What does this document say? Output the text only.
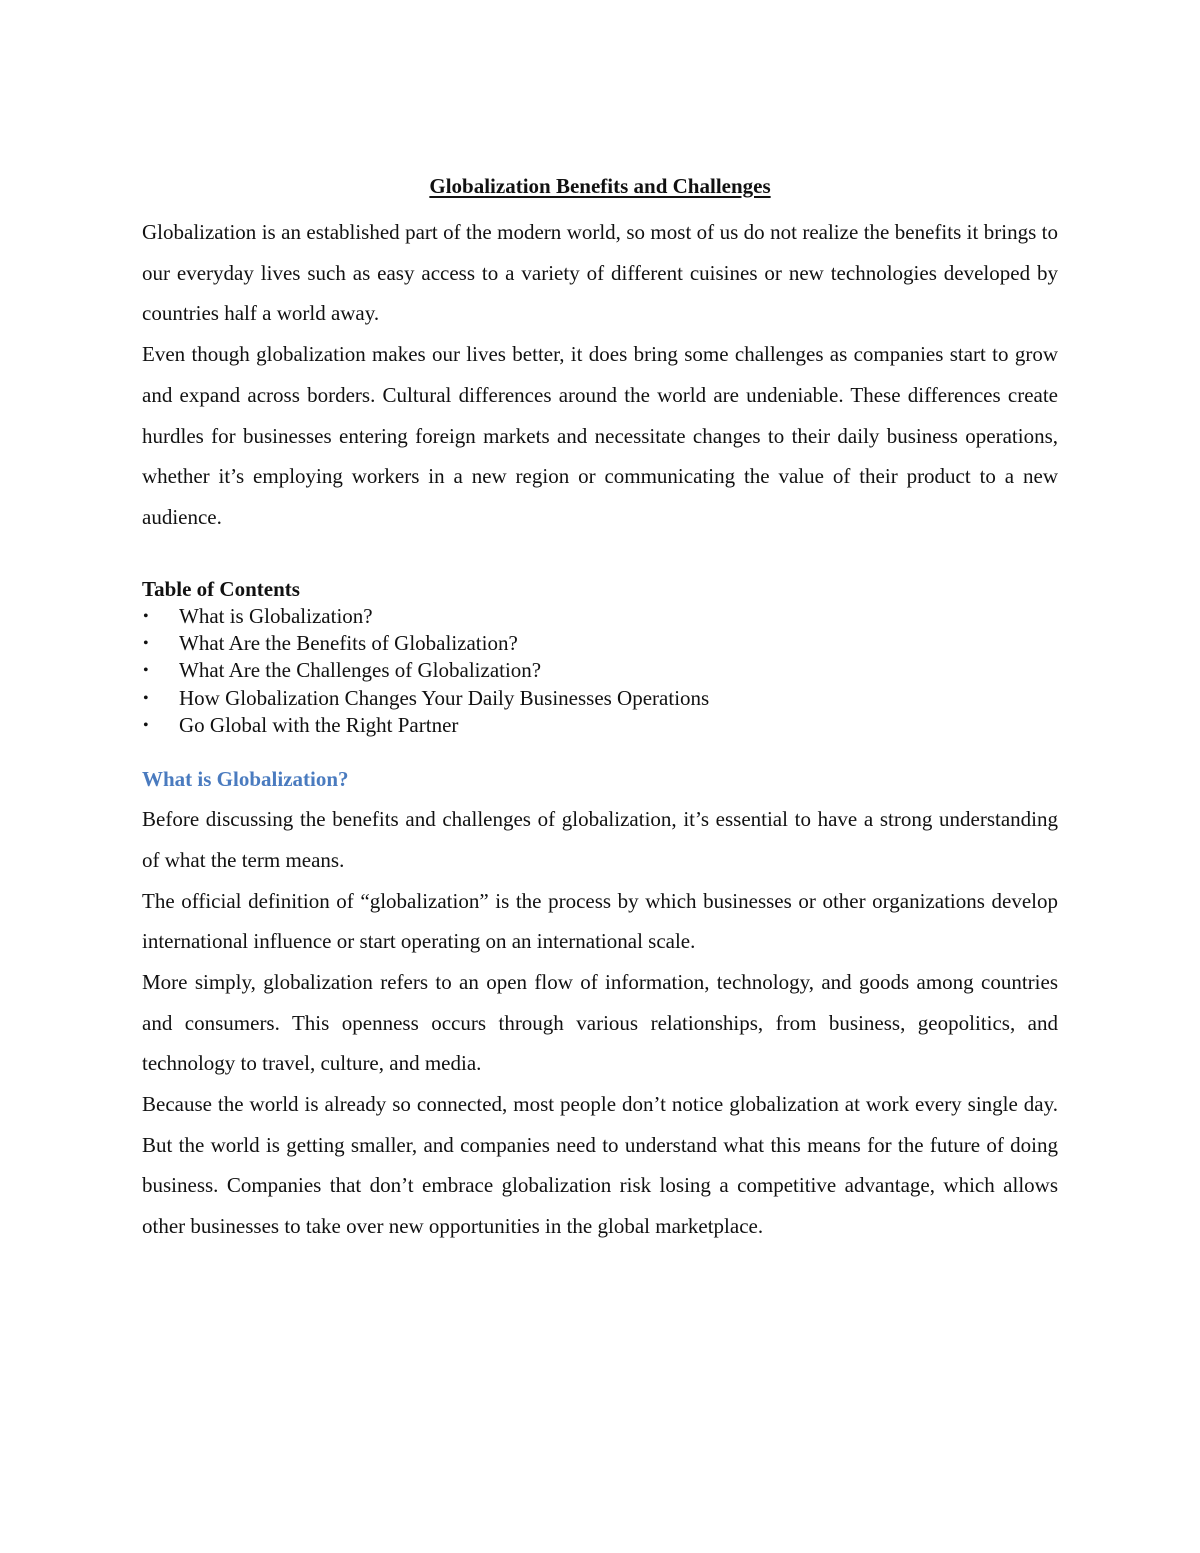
Globalization Benefits and Challenges

Globalization is an established part of the modern world, so most of us do not realize the benefits it brings to our everyday lives such as easy access to a variety of different cuisines or new technologies developed by countries half a world away.

Even though globalization makes our lives better, it does bring some challenges as companies start to grow and expand across borders. Cultural differences around the world are undeniable. These differences create hurdles for businesses entering foreign markets and necessitate changes to their daily business operations, whether it’s employing workers in a new region or communicating the value of their product to a new audience.

Table of Contents
• What is Globalization?
• What Are the Benefits of Globalization?
• What Are the Challenges of Globalization?
• How Globalization Changes Your Daily Businesses Operations
• Go Global with the Right Partner
What is Globalization?

Before discussing the benefits and challenges of globalization, it’s essential to have a strong understanding of what the term means.

The official definition of “globalization” is the process by which businesses or other organizations develop international influence or start operating on an international scale.

More simply, globalization refers to an open flow of information, technology, and goods among countries and consumers. This openness occurs through various relationships, from business, geopolitics, and technology to travel, culture, and media.

Because the world is already so connected, most people don’t notice globalization at work every single day. But the world is getting smaller, and companies need to understand what this means for the future of doing business. Companies that don’t embrace globalization risk losing a competitive advantage, which allows other businesses to take over new opportunities in the global marketplace.
